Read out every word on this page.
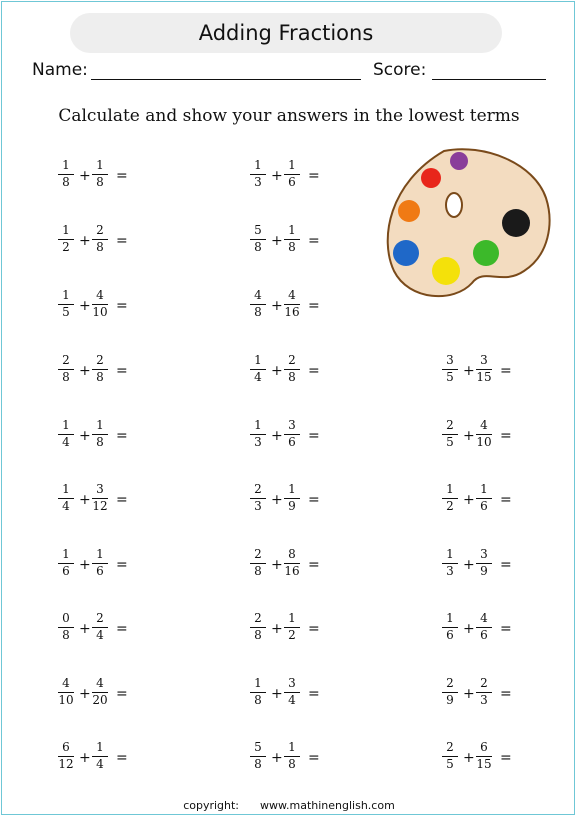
Adding Fractions
Name:	Score:
Calculate and show your answers in the lowest terms
$\frac{1}{8} + \frac{1}{8}$ =	$\frac{1}{3} + \frac{1}{6}$ =
$\frac{1}{2} + \frac{2}{8}$ =	$\frac{5}{8} + \frac{1}{8}$ =
$\frac{1}{5} + \frac{4}{10}$ =	$\frac{4}{8} + \frac{4}{16}$ =
$\frac{2}{8} + \frac{2}{8}$ =	$\frac{1}{4} + \frac{2}{8}$ =	$\frac{3}{5} + \frac{3}{15}$ =
$\frac{1}{4} + \frac{1}{8}$ =	$\frac{1}{3} + \frac{3}{6}$ =	$\frac{2}{5} + \frac{4}{10}$ =
$\frac{1}{4} + \frac{3}{12}$ =	$\frac{2}{3} + \frac{1}{9}$ =	$\frac{1}{2} + \frac{1}{6}$ =
$\frac{1}{6} + \frac{1}{6}$ =	$\frac{2}{8} + \frac{8}{16}$ =	$\frac{1}{3} + \frac{3}{9}$ =
$\frac{0}{8} + \frac{2}{4}$ =	$\frac{2}{8} + \frac{1}{2}$ =	$\frac{1}{6} + \frac{4}{6}$ =
$\frac{4}{10} + \frac{4}{20}$ =	$\frac{1}{8} + \frac{3}{4}$ =	$\frac{2}{9} + \frac{2}{3}$ =
$\frac{6}{12} + \frac{1}{4}$ =	$\frac{5}{8} + \frac{1}{8}$ =	$\frac{2}{5} + \frac{6}{15}$ =
copyright: www.mathinenglish.com
